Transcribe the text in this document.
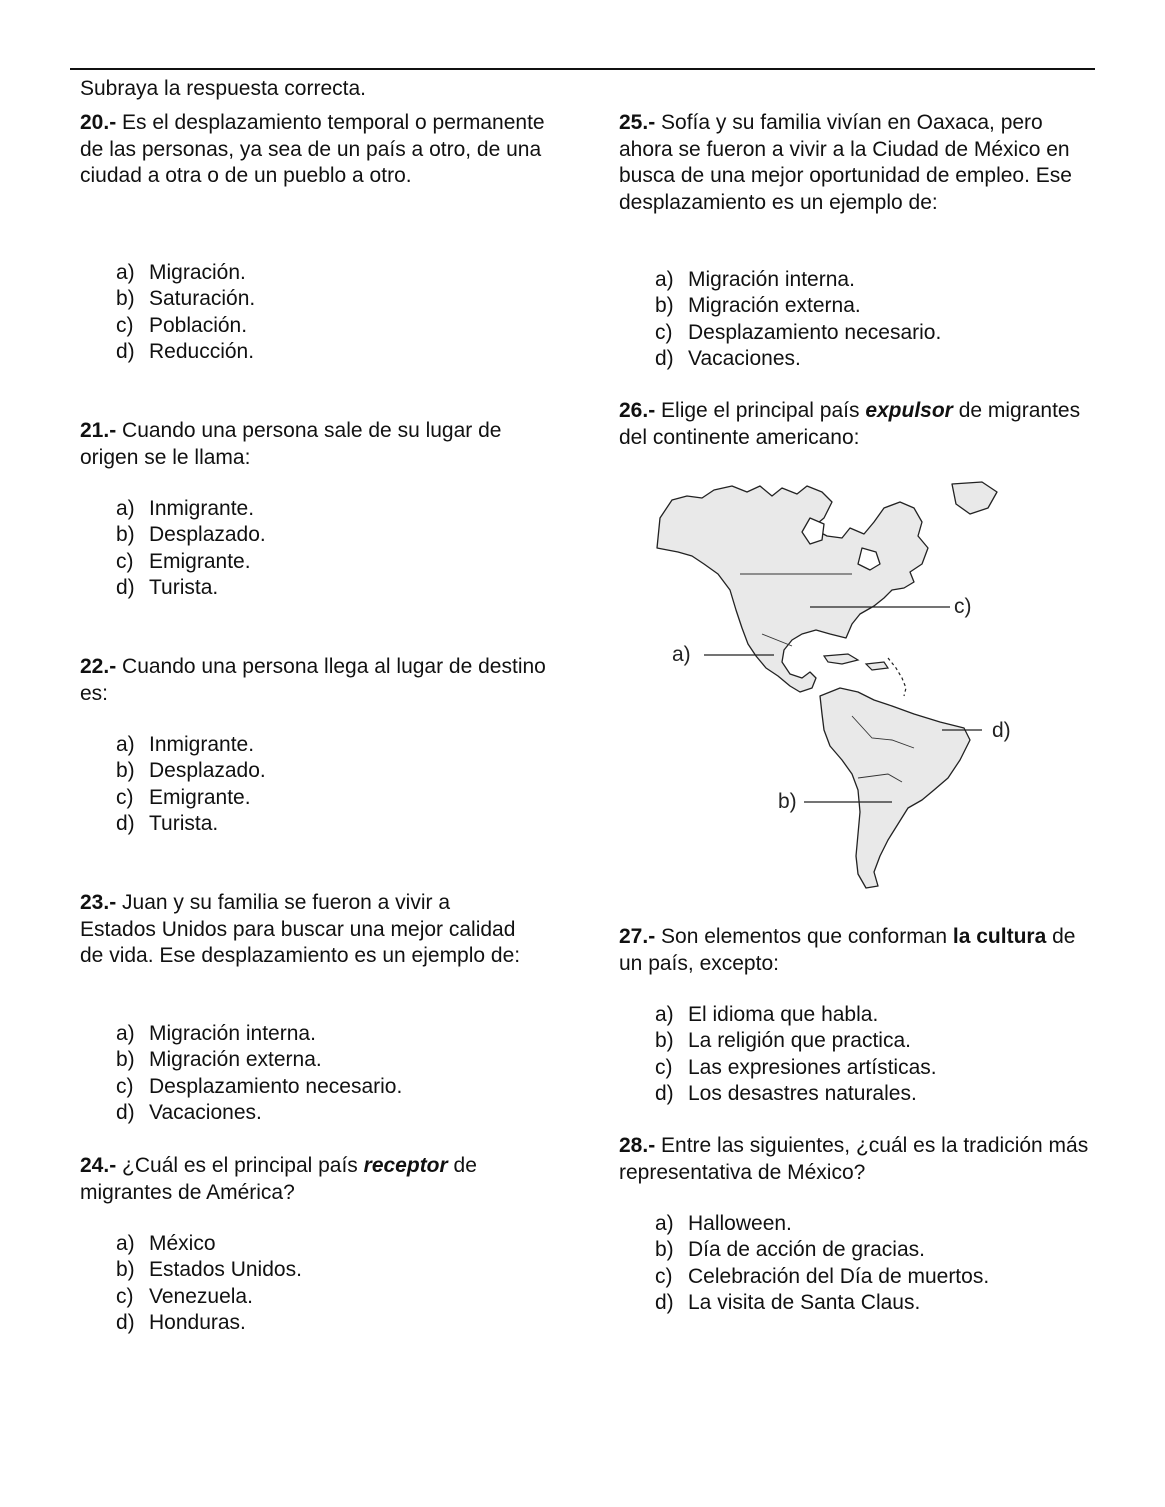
Subraya la respuesta correcta.

20.- Es el desplazamiento temporal o permanente de las personas, ya sea de un país a otro, de una ciudad a otra o de un pueblo a otro.

a) Migración.
b) Saturación.
c) Población.
d) Reducción.

21.- Cuando una persona sale de su lugar de origen se le llama:

a) Inmigrante.
b) Desplazado.
c) Emigrante.
d) Turista.

22.- Cuando una persona llega al lugar de destino es:

a) Inmigrante.
b) Desplazado.
c) Emigrante.
d) Turista.

23.- Juan y su familia se fueron a vivir a Estados Unidos para buscar una mejor calidad de vida. Ese desplazamiento es un ejemplo de:

a) Migración interna.
b) Migración externa.
c) Desplazamiento necesario.
d) Vacaciones.

24.- ¿Cuál es el principal país receptor de migrantes de América?

a) México
b) Estados Unidos.
c) Venezuela.
d) Honduras.

25.- Sofía y su familia vivían en Oaxaca, pero ahora se fueron a vivir a la Ciudad de México en busca de una mejor oportunidad de empleo. Ese desplazamiento es un ejemplo de:

a) Migración interna.
b) Migración externa.
c) Desplazamiento necesario.
d) Vacaciones.

26.- Elige el principal país expulsor de migrantes del continente americano:

27.- Son elementos que conforman la cultura de un país, excepto:

a) El idioma que habla.
b) La religión que practica.
c) Las expresiones artísticas.
d) Los desastres naturales.

28.- Entre las siguientes, ¿cuál es la tradición más representativa de México?

a) Halloween.
b) Día de acción de gracias.
c) Celebración del Día de muertos.
d) La visita de Santa Claus.
c)
a)
d)
b)
